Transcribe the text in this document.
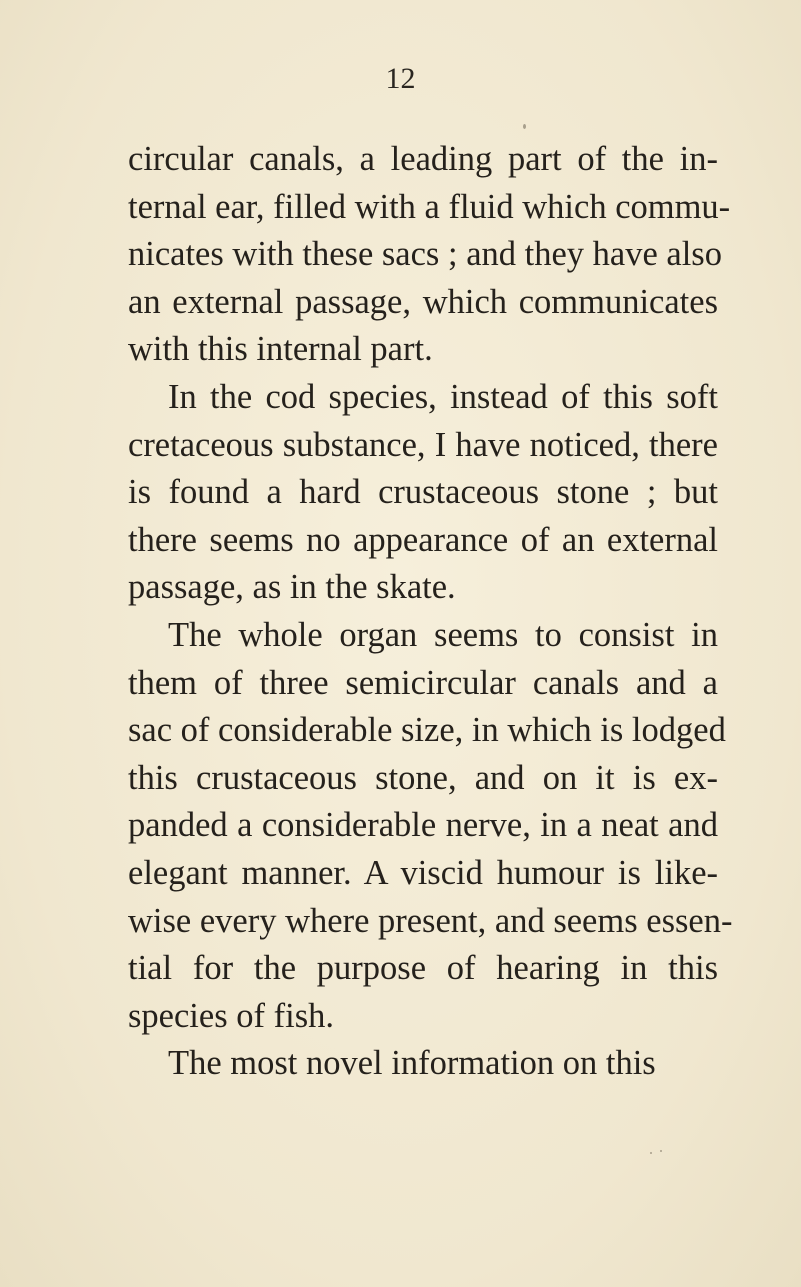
12
circular canals, a leading part of the in-
ternal ear, filled with a fluid which commu-
nicates with these sacs ; and they have also
an external passage, which communicates
with this internal part.
In the cod species, instead of this soft
cretaceous substance, I have noticed, there
is found a hard crustaceous stone ; but
there seems no appearance of an external
passage, as in the skate.
The whole organ seems to consist in
them of three semicircular canals and a
sac of considerable size, in which is lodged
this crustaceous stone, and on it is ex-
panded a considerable nerve, in a neat and
elegant manner. A viscid humour is like-
wise every where present, and seems essen-
tial for the purpose of hearing in this
species of fish.
The most novel information on this
